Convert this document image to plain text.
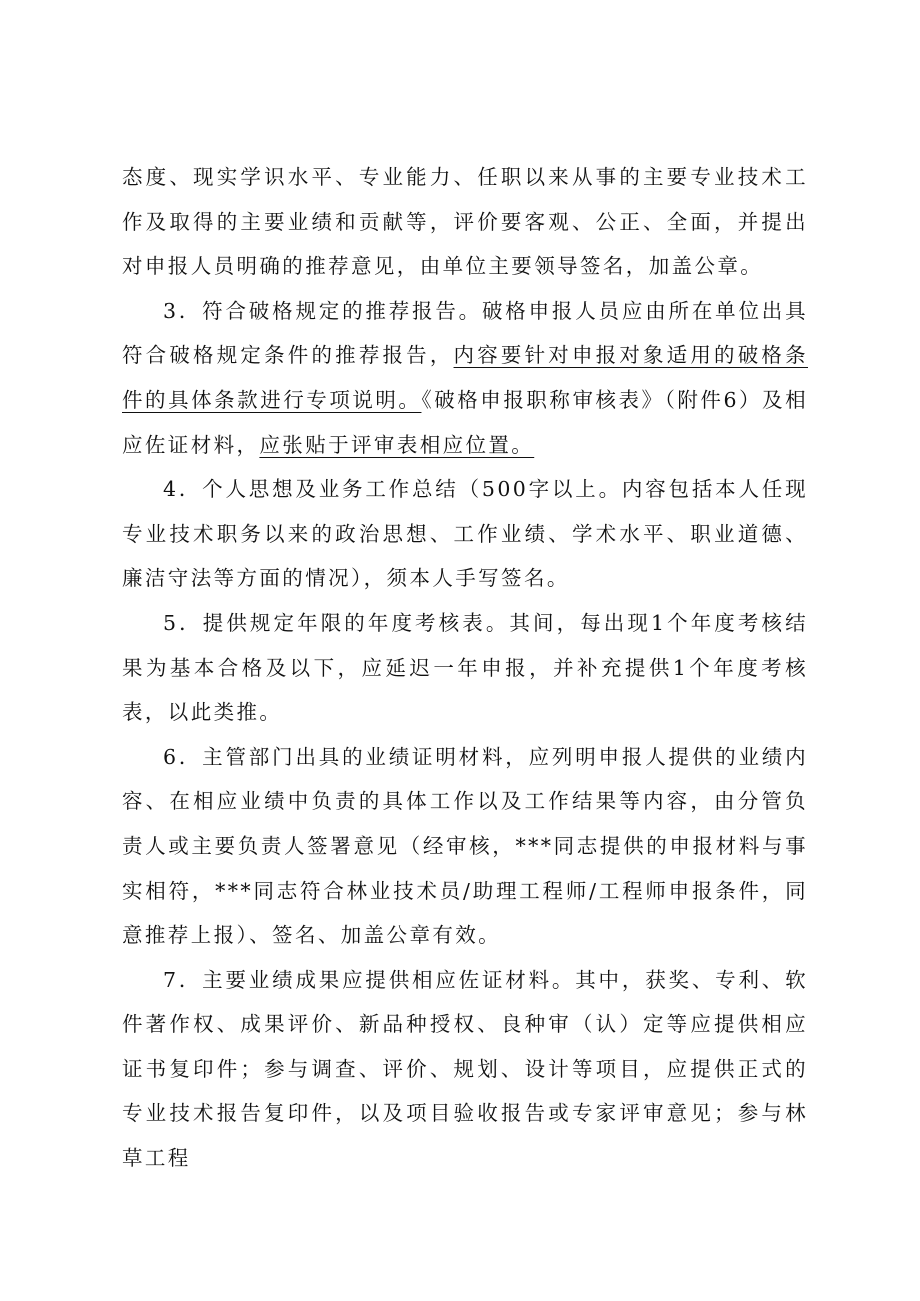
态度、现实学识水平、专业能力、任职以来从事的主要专业技术工作及取得的主要业绩和贡献等，评价要客观、公正、全面，并提出对申报人员明确的推荐意见，由单位主要领导签名，加盖公章。

3．符合破格规定的推荐报告。破格申报人员应由所在单位出具符合破格规定条件的推荐报告，内容要针对申报对象适用的破格条件的具体条款进行专项说明。《破格申报职称审核表》（附件6）及相应佐证材料，应张贴于评审表相应位置。

4．个人思想及业务工作总结（500字以上。内容包括本人任现专业技术职务以来的政治思想、工作业绩、学术水平、职业道德、廉洁守法等方面的情况），须本人手写签名。

5．提供规定年限的年度考核表。其间，每出现1个年度考核结果为基本合格及以下，应延迟一年申报，并补充提供1个年度考核表，以此类推。

6．主管部门出具的业绩证明材料，应列明申报人提供的业绩内容、在相应业绩中负责的具体工作以及工作结果等内容，由分管负责人或主要负责人签署意见（经审核，***同志提供的申报材料与事实相符，***同志符合林业技术员/助理工程师/工程师申报条件，同意推荐上报）、签名、加盖公章有效。

7．主要业绩成果应提供相应佐证材料。其中，获奖、专利、软件著作权、成果评价、新品种授权、良种审（认）定等应提供相应证书复印件；参与调查、评价、规划、设计等项目，应提供正式的专业技术报告复印件，以及项目验收报告或专家评审意见；参与林草工程
